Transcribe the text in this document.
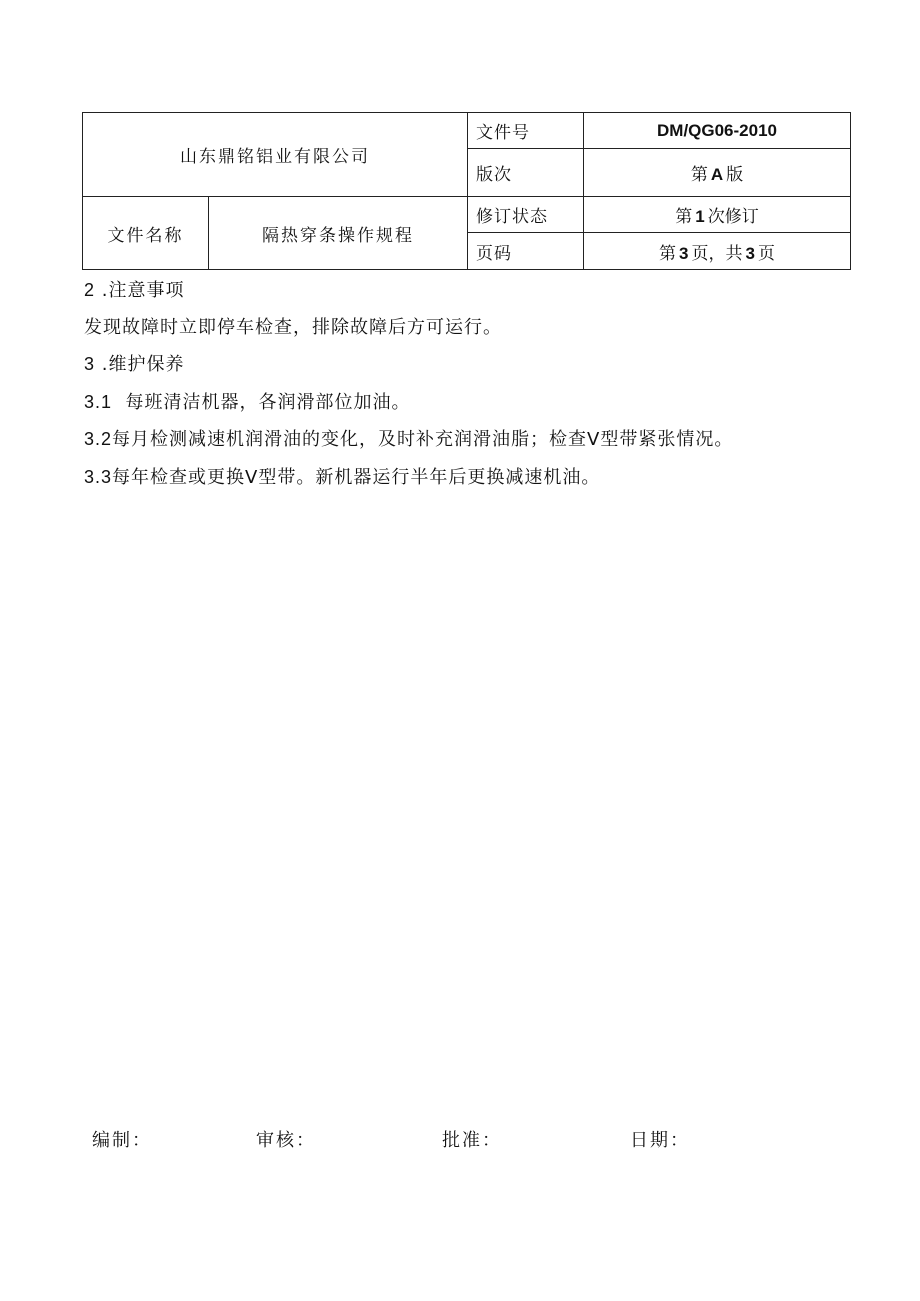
山东鼎铭铝业有限公司		文件号	DM/QG06-2010
		版次	第 A 版
文件名称	隔热穿条操作规程	修订状态	第 1 次修订
		页码	第 3 页，共 3 页

2 .注意事项

发现故障时立即停车检查，排除故障后方可运行。

3 .维护保养

3.1  每班清洁机器，各润滑部位加油。

3.2每月检测减速机润滑油的变化，及时补充润滑油脂；检查V型带紧张情况。

3.3每年检查或更换V型带。新机器运行半年后更换减速机油。

编制：	审核：	批准：	日期：
